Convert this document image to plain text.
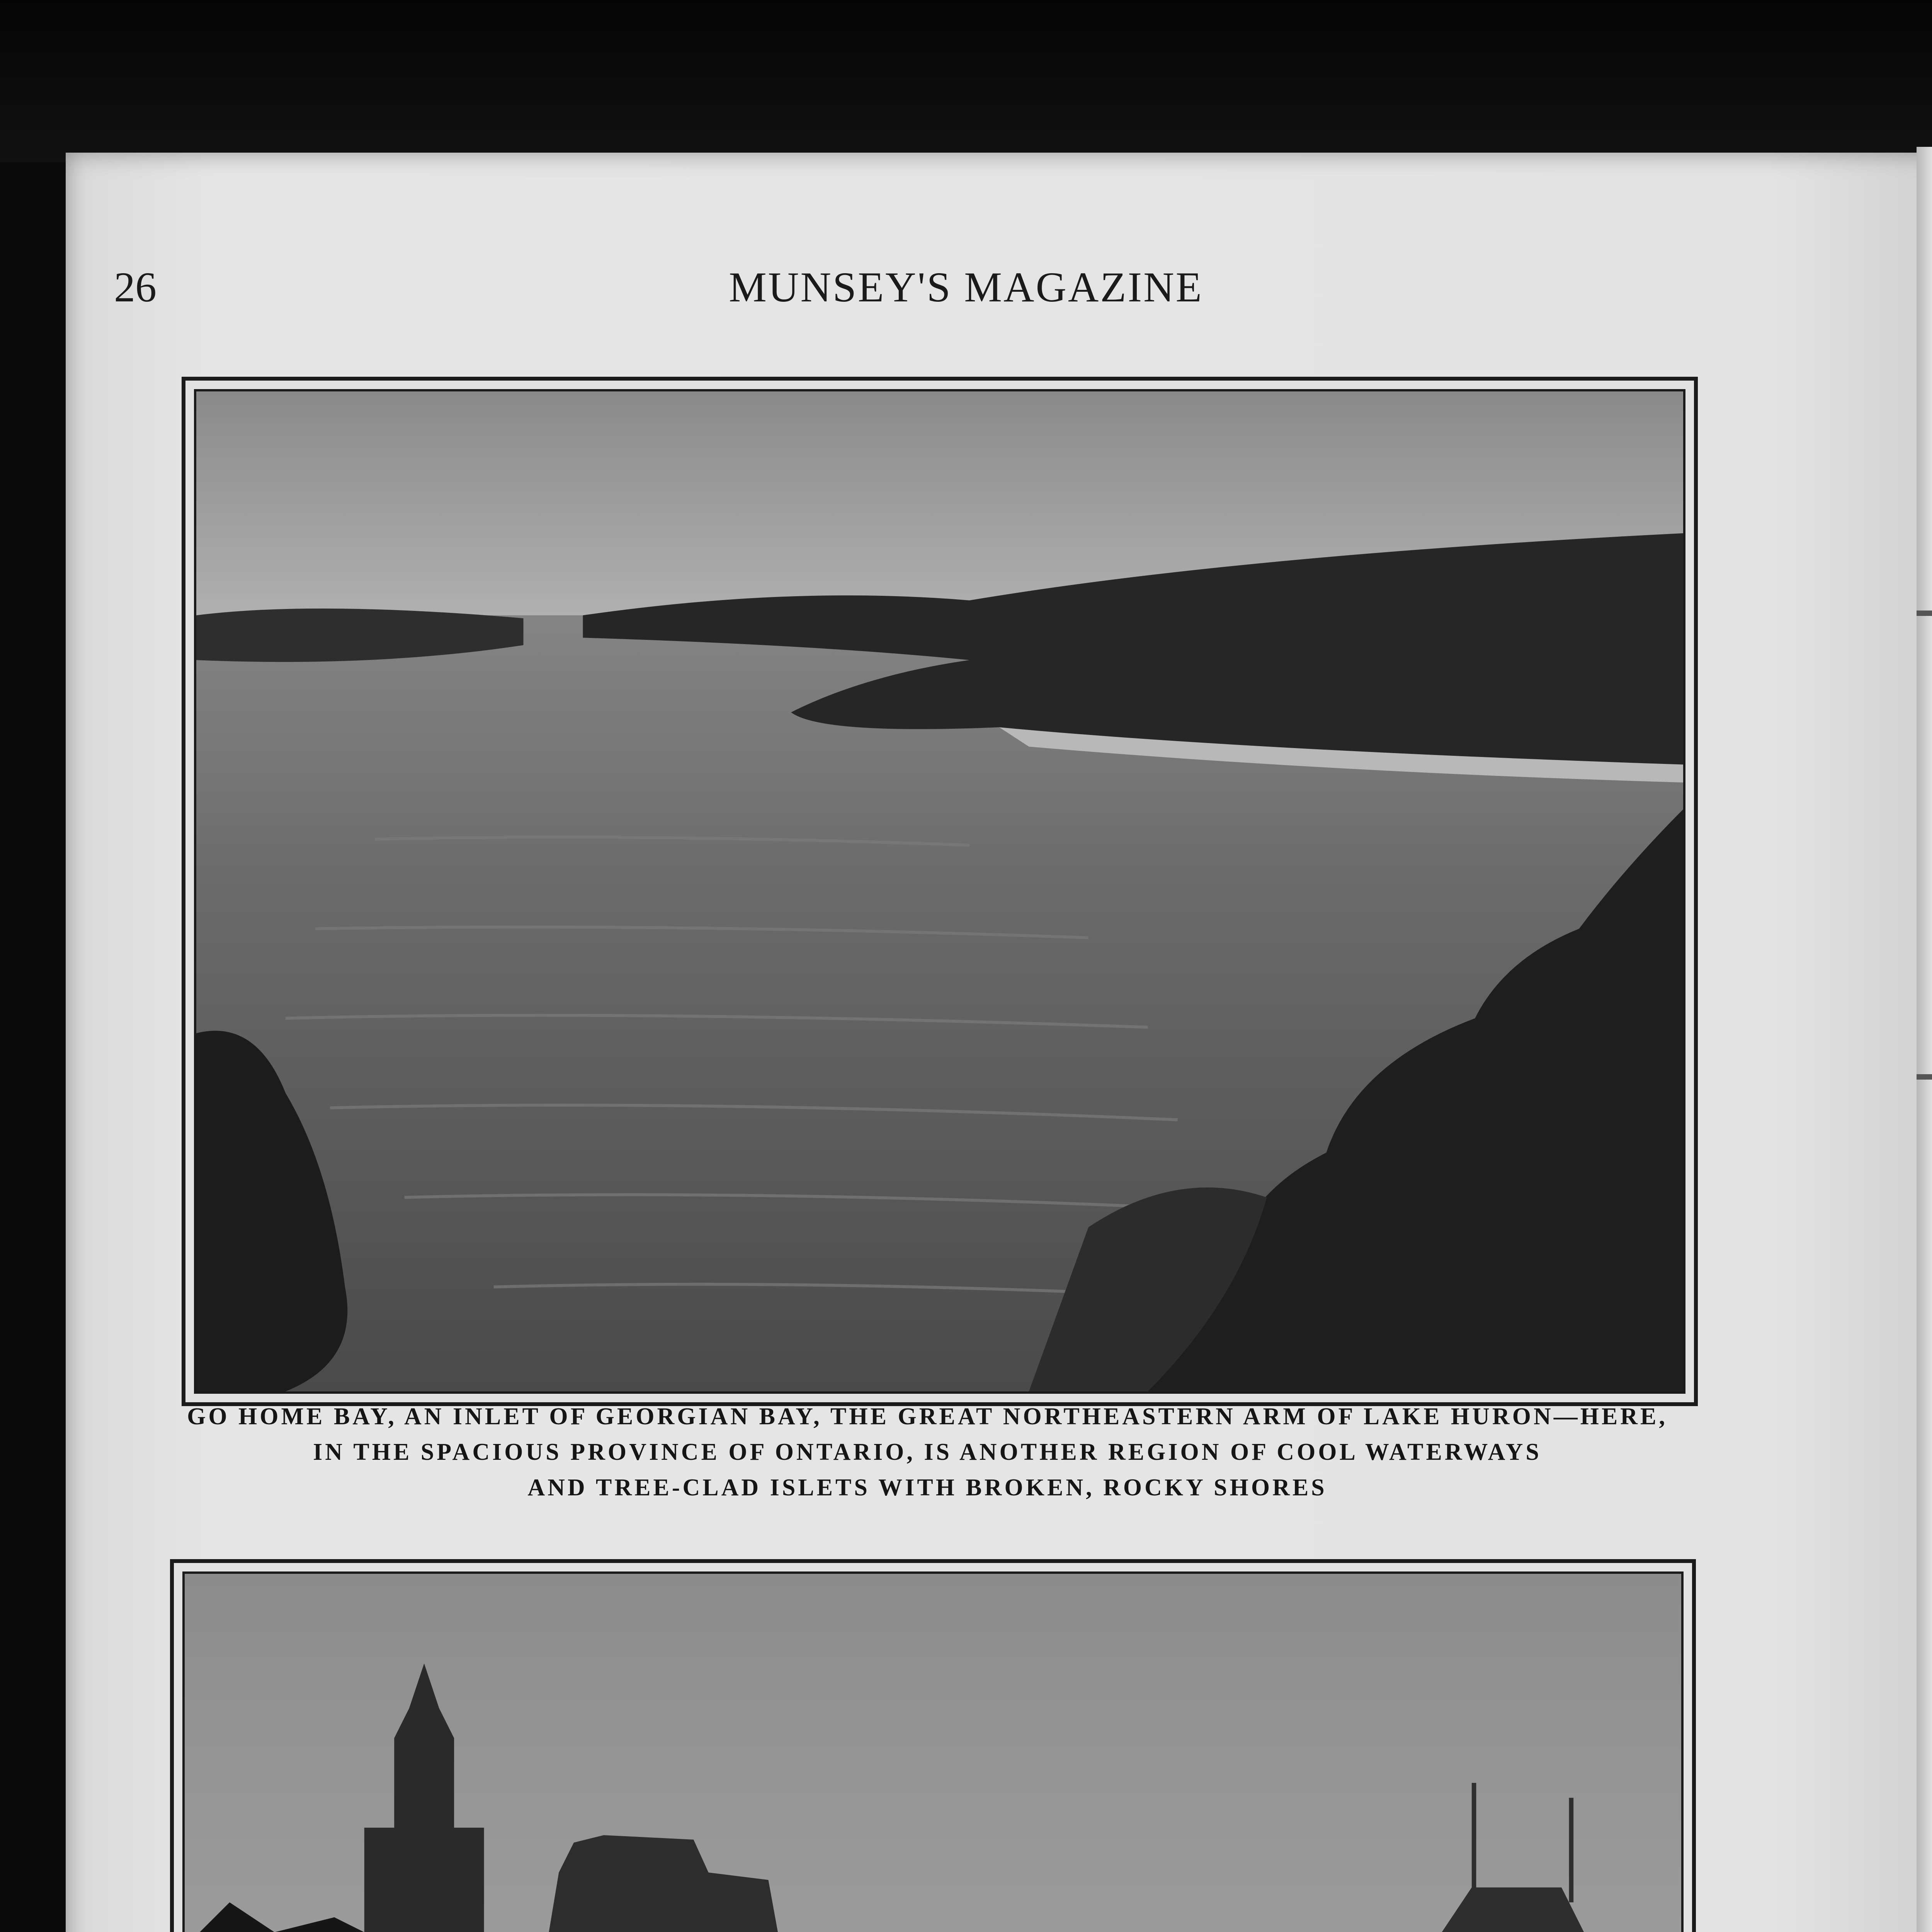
26	MUNSEY'S MAGAZINE
GO HOME BAY, AN INLET OF GEORGIAN BAY, THE GREAT NORTHEASTERN ARM OF LAKE HURON—HERE,
IN THE SPACIOUS PROVINCE OF ONTARIO, IS ANOTHER REGION OF COOL WATERWAYS
AND TREE-CLAD ISLETS WITH BROKEN, ROCKY SHORES
